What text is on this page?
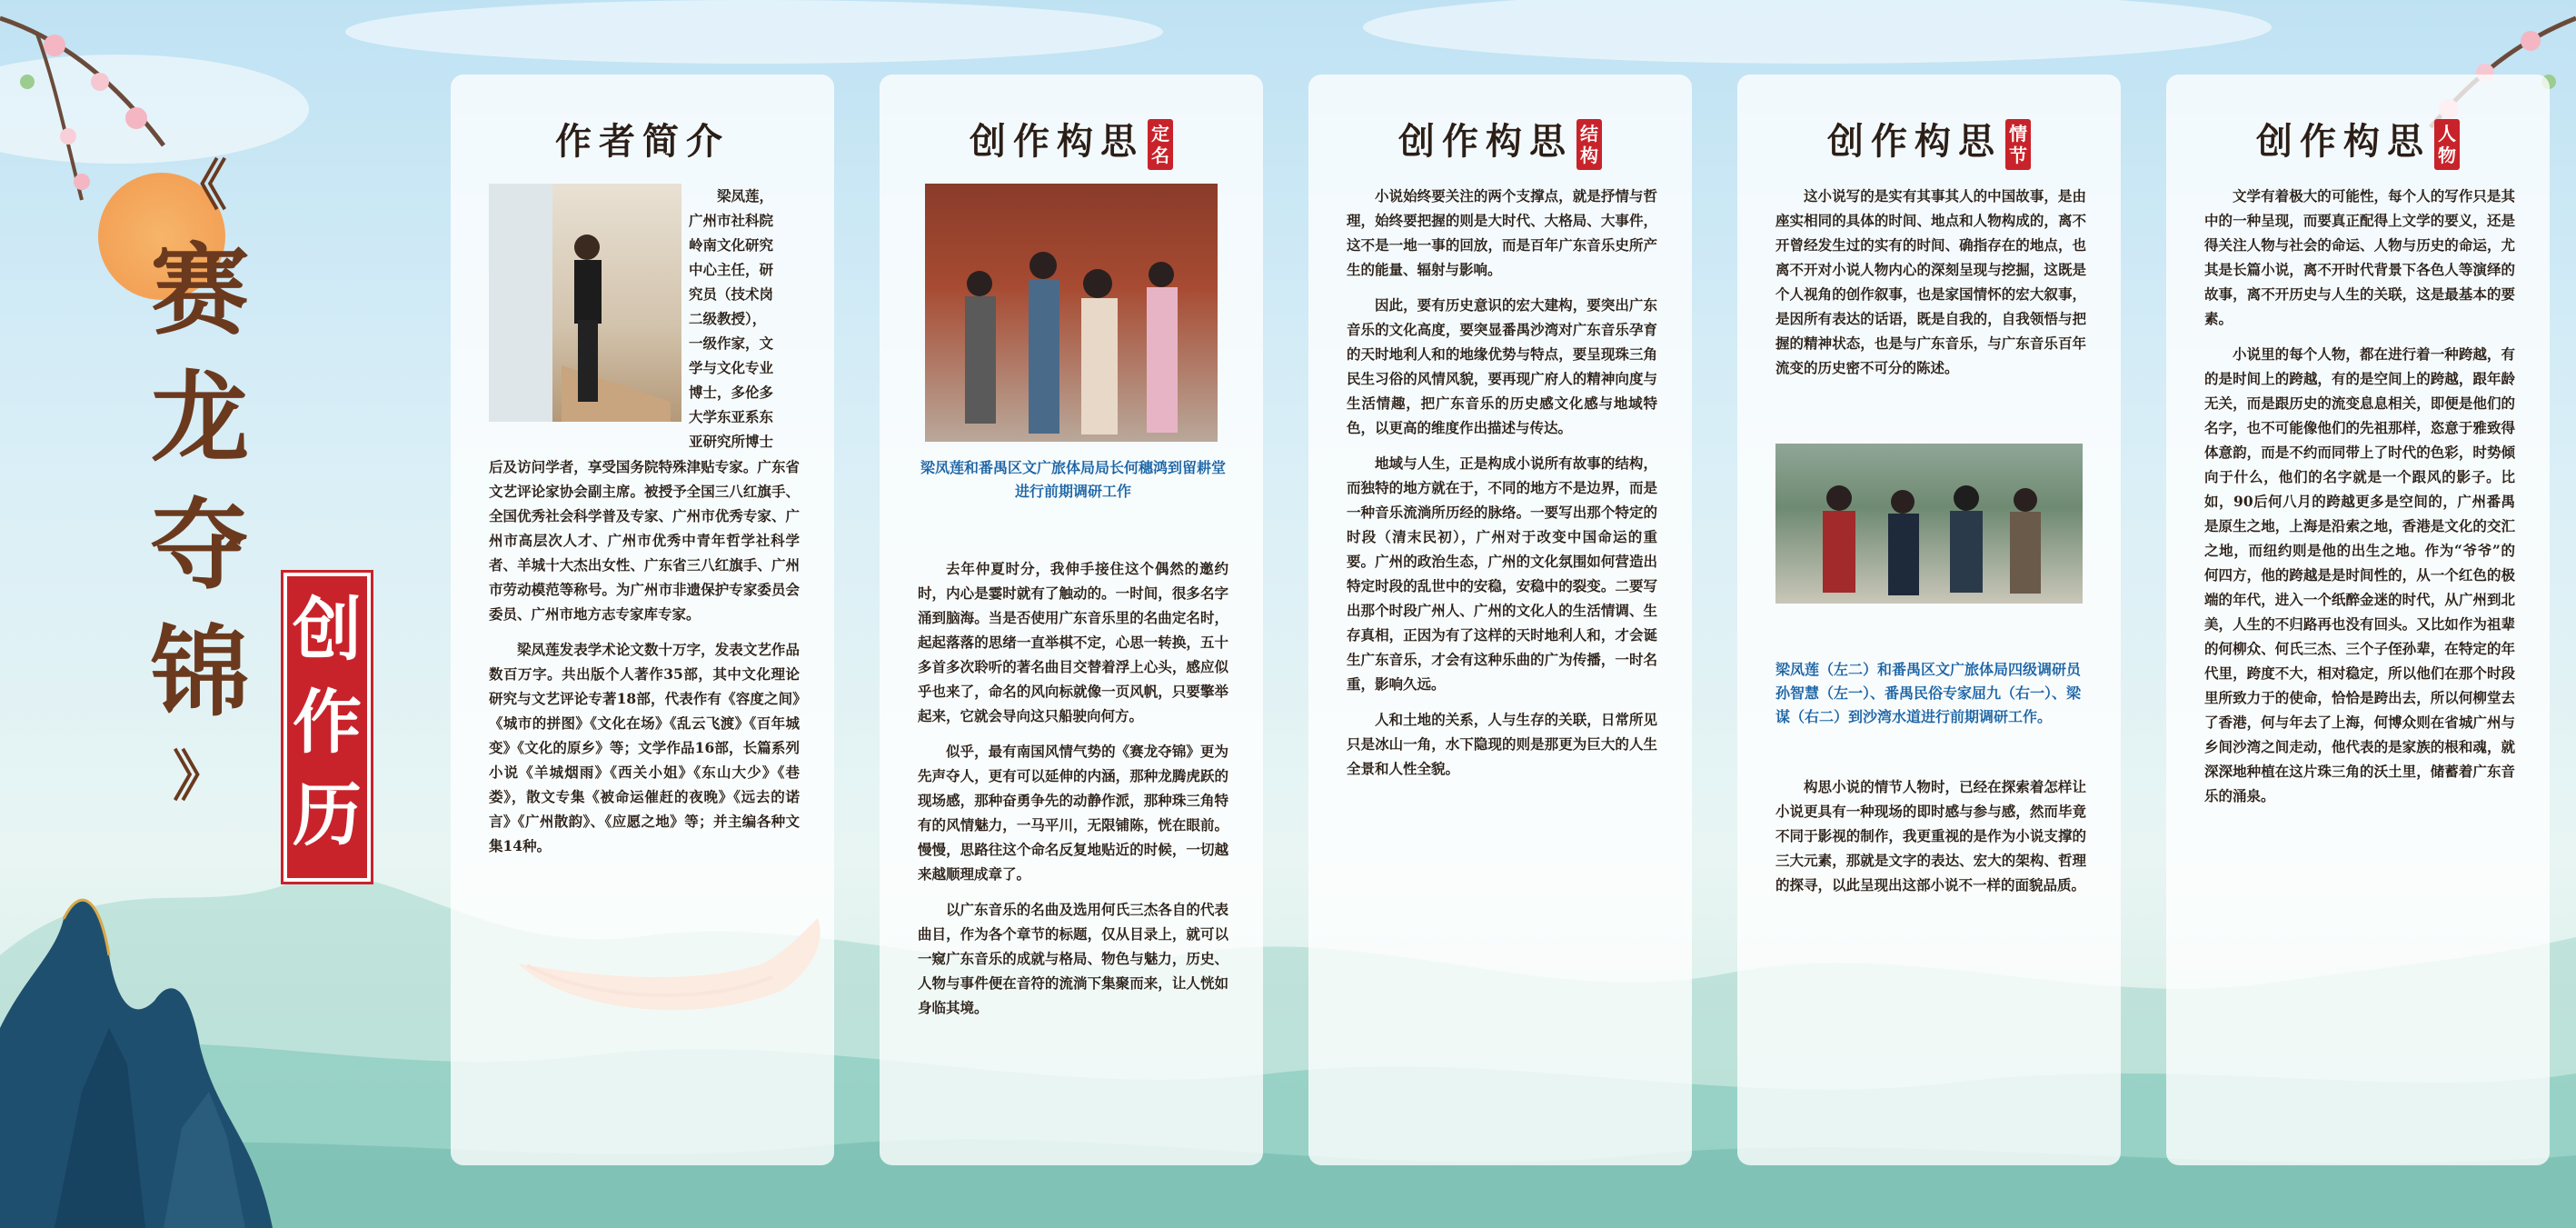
《
赛
龙
夺
锦
》
创
作
历
作者简介
梁凤莲，
广州市社科院
岭南文化研究
中心主任，研
究员（技术岗
二级教授），
一级作家，文
学与文化专业
博士，多伦多
大学东亚系东
亚研究所博士

后及访问学者，享受国务院特殊津贴专家。广东省文艺评论家协会副主席。被授予全国三八红旗手、全国优秀社会科学普及专家、广州市优秀专家、广州市高层次人才、广州市优秀中青年哲学社科学者、羊城十大杰出女性、广东省三八红旗手、广州市劳动模范等称号。为广州市非遗保护专家委员会委员、广州市地方志专家库专家。

梁凤莲发表学术论文数十万字，发表文艺作品数百万字。共出版个人著作35部，其中文化理论研究与文艺评论专著18部，代表作有《容度之间》《城市的拼图》《文化在场》《乱云飞渡》《百年城变》《文化的原乡》等；文学作品16部，长篇系列小说《羊城烟雨》《西关小姐》《东山大少》《巷娄》，散文专集《被命运催赶的夜晚》《远去的诺言》《广州散韵》、《应愿之地》等；并主编各种文集14种。

创作构思 定名
梁凤莲和番禺区文广旅体局局长何穗鸿到留耕堂进行前期调研工作

去年仲夏时分，我伸手接住这个偶然的邀约时，内心是霎时就有了触动的。一时间，很多名字涌到脑海。当是否使用广东音乐里的名曲定名时，起起落落的思绪一直举棋不定，心思一转换，五十多首多次聆听的著名曲目交替着浮上心头，感应似乎也来了，命名的风向标就像一页风帆，只要擎举起来，它就会导向这只船驶向何方。

似乎，最有南国风情气势的《赛龙夺锦》更为先声夺人，更有可以延伸的内涵，那种龙腾虎跃的现场感，那种奋勇争先的动静作派，那种珠三角特有的风情魅力，一马平川，无限铺陈，恍在眼前。慢慢，思路往这个命名反复地贴近的时候，一切越来越顺理成章了。

以广东音乐的名曲及选用何氏三杰各自的代表曲目，作为各个章节的标题，仅从目录上，就可以一窥广东音乐的成就与格局、物色与魅力，历史、人物与事件便在音符的流淌下集聚而来，让人恍如身临其境。

创作构思 结构

小说始终要关注的两个支撑点，就是抒情与哲理，始终要把握的则是大时代、大格局、大事件，这不是一地一事的回放，而是百年广东音乐史所产生的能量、辐射与影响。

因此，要有历史意识的宏大建构，要突出广东音乐的文化高度，要突显番禺沙湾对广东音乐孕育的天时地利人和的地缘优势与特点，要呈现珠三角民生习俗的风情风貌，要再现广府人的精神向度与生活情趣，把广东音乐的历史感文化感与地域特色，以更高的维度作出描述与传达。

地域与人生，正是构成小说所有故事的结构，而独特的地方就在于，不同的地方不是边界，而是一种音乐流淌所历经的脉络。一要写出那个特定的时段（清末民初），广州对于改变中国命运的重要。广州的政治生态，广州的文化氛围如何营造出特定时段的乱世中的安稳，安稳中的裂变。二要写出那个时段广州人、广州的文化人的生活情调、生存真相，正因为有了这样的天时地利人和，才会诞生广东音乐，才会有这种乐曲的广为传播，一时名重，影响久远。

人和土地的关系，人与生存的关联，日常所见只是冰山一角，水下隐现的则是那更为巨大的人生全景和人性全貌。

创作构思 情节

这小说写的是实有其事其人的中国故事，是由座实相同的具体的时间、地点和人物构成的，离不开曾经发生过的实有的时间、确指存在的地点，也离不开对小说人物内心的深刻呈现与挖掘，这既是个人视角的创作叙事，也是家国情怀的宏大叙事，是因所有表达的话语，既是自我的，自我领悟与把握的精神状态，也是与广东音乐，与广东音乐百年流变的历史密不可分的陈述。

梁凤莲（左二）和番禺区文广旅体局四级调研员孙智慧（左一）、番禺民俗专家屈九（右一）、梁谋（右二）到沙湾水道进行前期调研工作。

构思小说的情节人物时，已经在探索着怎样让小说更具有一种现场的即时感与参与感，然而毕竟不同于影视的制作，我更重视的是作为小说支撑的三大元素，那就是文字的表达、宏大的架构、哲理的探寻，以此呈现出这部小说不一样的面貌品质。

创作构思 人物

文学有着极大的可能性，每个人的写作只是其中的一种呈现，而要真正配得上文学的要义，还是得关注人物与社会的命运、人物与历史的命运，尤其是长篇小说，离不开时代背景下各色人等演绎的故事，离不开历史与人生的关联，这是最基本的要素。

小说里的每个人物，都在进行着一种跨越，有的是时间上的跨越，有的是空间上的跨越，跟年龄无关，而是跟历史的流变息息相关，即便是他们的名字，也不可能像他们的先祖那样，恣意于雅致得体意韵，而是不约而同带上了时代的色彩，时势倾向于什么，他们的名字就是一个跟风的影子。比如，90后何八月的跨越更多是空间的，广州番禺是原生之地，上海是沿索之地，香港是文化的交汇之地，而纽约则是他的出生之地。作为“爷爷”的何四方，他的跨越是是时间性的，从一个红色的极端的年代，进入一个纸醉金迷的时代，从广州到北美，人生的不归路再也没有回头。又比如作为祖辈的何柳众、何氏三杰、三个子侄孙辈，在特定的年代里，跨度不大，相对稳定，所以他们在那个时段里所致力于的使命，恰恰是跨出去，所以何柳堂去了香港，何与年去了上海，何博众则在省城广州与乡间沙湾之间走动，他代表的是家族的根和魂，就深深地种植在这片珠三角的沃土里，储蓄着广东音乐的涌泉。
